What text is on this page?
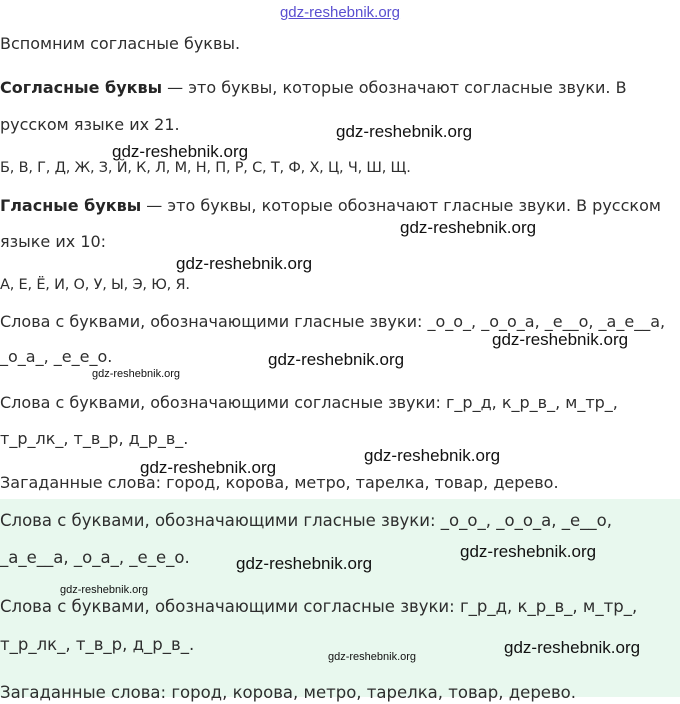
gdz-reshebnik.org

Вспомним согласные буквы.

Согласные буквы — это буквы, которые обозначают согласные звуки. В

русском языке их 21.

Б, В, Г, Д, Ж, З, Й, К, Л, М, Н, П, Р, С, Т, Ф, Х, Ц, Ч, Ш, Щ.

Гласные буквы — это буквы, которые обозначают гласные звуки. В русском

языке их 10:

А, Е, Ё, И, О, У, Ы, Э, Ю, Я.

Слова с буквами, обозначающими гласные звуки: _о_о_, _о_о_а, _е__о, _а_е__а,

_о_а_, _е_е_о.

Слова с буквами, обозначающими согласные звуки: г_р_д, к_р_в_, м_тр_,

т_р_лк_, т_в_р, д_р_в_.

Загаданные слова: город, корова, метро, тарелка, товар, дерево.

Слова с буквами, обозначающими гласные звуки: _о_о_, _о_о_а, _е__о,

_а_е__а, _о_а_, _е_е_о.

Слова с буквами, обозначающими согласные звуки: г_р_д, к_р_в_, м_тр_,

т_р_лк_, т_в_р, д_р_в_.

Загаданные слова: город, корова, метро, тарелка, товар, дерево.

gdz-reshebnik.org
gdz-reshebnik.org
gdz-reshebnik.org
gdz-reshebnik.org
gdz-reshebnik.org
gdz-reshebnik.org
gdz-reshebnik.org
gdz-reshebnik.org
gdz-reshebnik.org
gdz-reshebnik.org
gdz-reshebnik.org
gdz-reshebnik.org
gdz-reshebnik.org
gdz-reshebnik.org
